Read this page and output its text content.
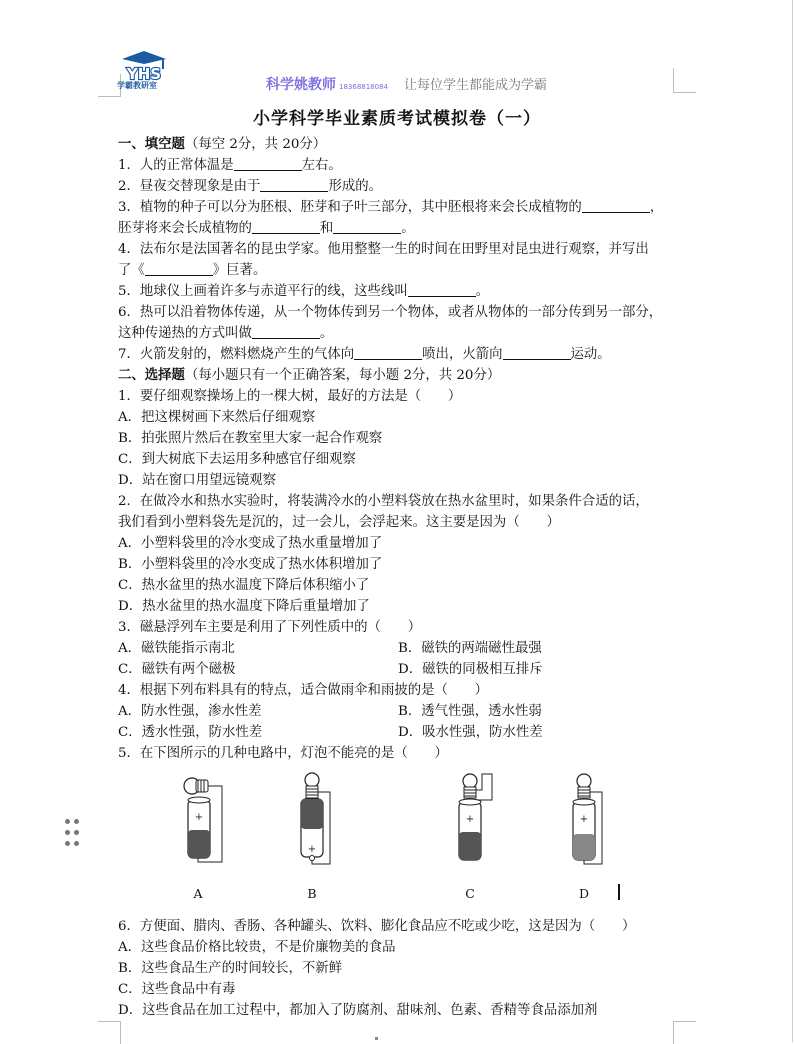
YHS
学霸教研室	科学姚教师 18368818084 让每位学生都能成为学霸
小学科学毕业素质考试模拟卷（一）
一、填空题（每空 2分，共 20分）
1．人的正常体温是	左右。
2．昼夜交替现象是由于	形成的。
3．植物的种子可以分为胚根、胚芽和子叶三部分，其中胚根将来会长成植物的	，
胚芽将来会长成植物的	和	。
4．法布尔是法国著名的昆虫学家。他用整整一生的时间在田野里对昆虫进行观察，并写出
了《	》巨著。
5．地球仪上画着许多与赤道平行的线，这些线叫	。
6．热可以沿着物体传递，从一个物体传到另一个物体，或者从物体的一部分传到另一部分，
这种传递热的方式叫做	。
7．火箭发射的，燃料燃烧产生的气体向	喷出，火箭向	运动。
二、选择题（每小题只有一个正确答案，每小题 2分，共 20分）
1．要仔细观察操场上的一棵大树，最好的方法是（　　）
A．把这棵树画下来然后仔细观察
B．拍张照片然后在教室里大家一起合作观察
C．到大树底下去运用多种感官仔细观察
D．站在窗口用望远镜观察
2．在做冷水和热水实验时，将装满冷水的小塑料袋放在热水盆里时，如果条件合适的话，
我们看到小塑料袋先是沉的，过一会儿，会浮起来。这主要是因为（　　）
A．小塑料袋里的冷水变成了热水重量增加了
B．小塑料袋里的冷水变成了热水体积增加了
C．热水盆里的热水温度下降后体积缩小了
D．热水盆里的热水温度下降后重量增加了
3．磁悬浮列车主要是利用了下列性质中的（　　）
A．磁铁能指示南北	B．磁铁的两端磁性最强
C．磁铁有两个磁极	D．磁铁的同极相互排斥
4．根据下列布料具有的特点，适合做雨伞和雨披的是（　　）
A．防水性强，渗水性差	B．透气性强，透水性弱
C．透水性强，防水性差	D．吸水性强，防水性差
5．在下图所示的几种电路中，灯泡不能亮的是（　　）
+
A
+
B
+
C
+
D
6．方便面、腊肉、香肠、各种罐头、饮料、膨化食品应不吃或少吃，这是因为（　　）
A．这些食品价格比较贵，不是价廉物美的食品
B．这些食品生产的时间较长，不新鲜
C．这些食品中有毒
D．这些食品在加工过程中，都加入了防腐剂、甜味剂、色素、香精等食品添加剂
